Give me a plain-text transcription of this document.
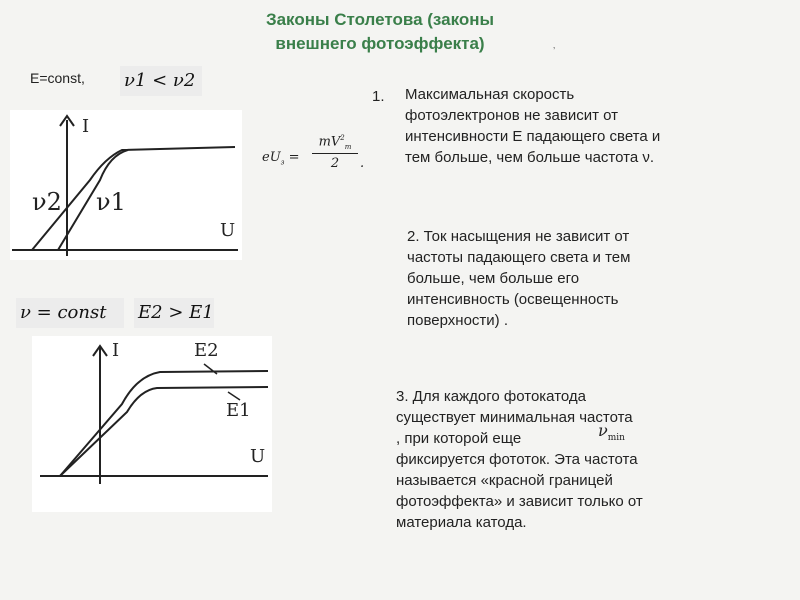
Законы Столетова (законы
внешнего фотоэффекта)	‚
E=const, ν1 < ν2
I
U
ν2 ν1
ν = const	E2 > E1
I
U
E2
E1
$eU_з = \frac{mV^2_m}{2}$ .
1. Максимальная скорость
фотоэлектронов не зависит от
интенсивности Е падающего света и
тем больше, чем больше частота ν.
2. Ток насыщения не зависит от
частоты падающего света и тем
больше, чем больше его
интенсивность (освещенность
поверхности) .
3. Для каждого фотокатода
существует минимальная частота
, при которой еще
фиксируется фототок. Эта частота
называется «красной границей
фотоэффекта» и зависит только от
материала катода.
$\nu_{min}$
